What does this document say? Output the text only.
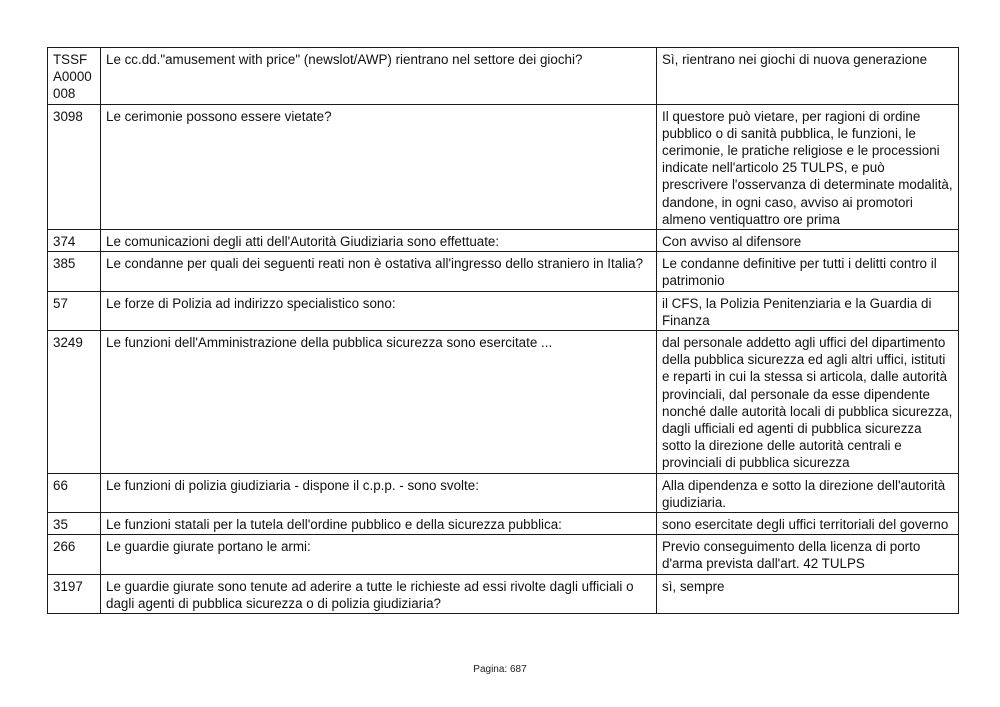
TSSFA0000008	Le cc.dd."amusement with price" (newslot/AWP) rientrano nel settore dei giochi?	Sì, rientrano nei giochi di nuova generazione
3098	Le cerimonie possono essere vietate?	Il questore può vietare, per ragioni di ordine pubblico o di sanità pubblica, le funzioni, le cerimonie, le pratiche religiose e le processioni indicate nell'articolo 25 TULPS, e può prescrivere l'osservanza di determinate modalità, dandone, in ogni caso, avviso ai promotori almeno ventiquattro ore prima
374	Le comunicazioni degli atti dell'Autorità Giudiziaria sono effettuate:	Con avviso al difensore
385	Le condanne per quali dei seguenti reati non è ostativa all'ingresso dello straniero in Italia?	Le condanne definitive per tutti i delitti contro il patrimonio
57	Le forze di Polizia ad indirizzo specialistico sono:	il CFS, la Polizia Penitenziaria e la Guardia di Finanza
3249	Le funzioni dell'Amministrazione della pubblica sicurezza sono esercitate ...	dal personale addetto agli uffici del dipartimento della pubblica sicurezza ed agli altri uffici, istituti e reparti in cui la stessa si articola, dalle autorità provinciali, dal personale da esse dipendente nonché dalle autorità locali di pubblica sicurezza, dagli ufficiali ed agenti di pubblica sicurezza sotto la direzione delle autorità centrali e provinciali di pubblica sicurezza
66	Le funzioni di polizia giudiziaria - dispone il c.p.p. - sono svolte:	Alla dipendenza e sotto la direzione dell'autorità giudiziaria.
35	Le funzioni statali per la tutela dell'ordine pubblico e della sicurezza pubblica:	sono esercitate degli uffici territoriali del governo
266	Le guardie giurate portano le armi:	Previo conseguimento della licenza di porto d'arma prevista dall'art. 42 TULPS
3197	Le guardie giurate sono tenute ad aderire a tutte le richieste ad essi rivolte dagli ufficiali o dagli agenti di pubblica sicurezza o di polizia giudiziaria?	sì, sempre
Pagina: 687
